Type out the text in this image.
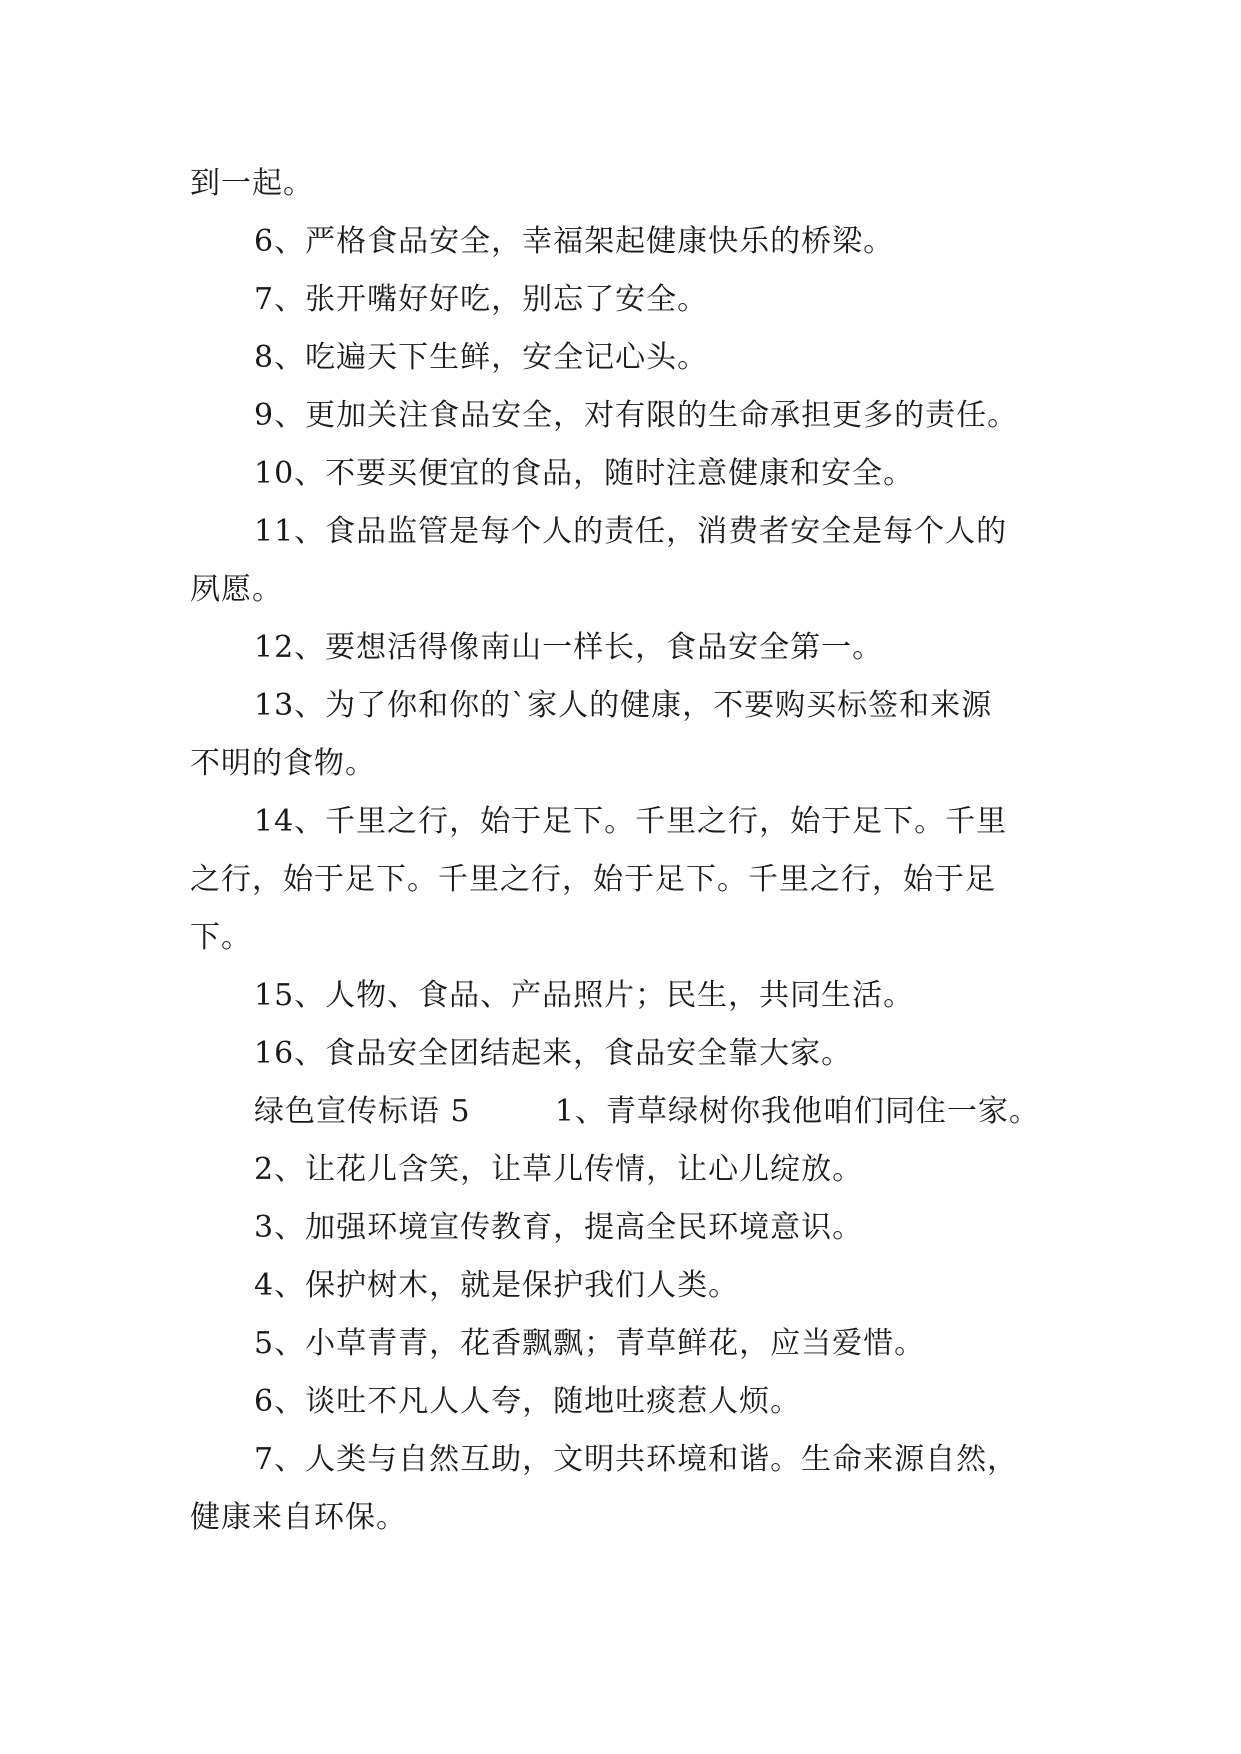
到一起。

6、严格食品安全，幸福架起健康快乐的桥梁。

7、张开嘴好好吃，别忘了安全。

8、吃遍天下生鲜，安全记心头。

9、更加关注食品安全，对有限的生命承担更多的责任。

10、不要买便宜的食品，随时注意健康和安全。

11、食品监管是每个人的责任，消费者安全是每个人的

夙愿。

12、要想活得像南山一样长，食品安全第一。

13、为了你和你的`家人的健康，不要购买标签和来源

不明的食物。

14、千里之行，始于足下。千里之行，始于足下。千里

之行，始于足下。千里之行，始于足下。千里之行，始于足

下。

15、人物、食品、产品照片；民生，共同生活。

16、食品安全团结起来，食品安全靠大家。

绿色宣传标语 5        1、青草绿树你我他咱们同住一家。

2、让花儿含笑，让草儿传情，让心儿绽放。

3、加强环境宣传教育，提高全民环境意识。

4、保护树木，就是保护我们人类。

5、小草青青，花香飘飘；青草鲜花，应当爱惜。

6、谈吐不凡人人夸，随地吐痰惹人烦。

7、人类与自然互助，文明共环境和谐。生命来源自然，

健康来自环保。
